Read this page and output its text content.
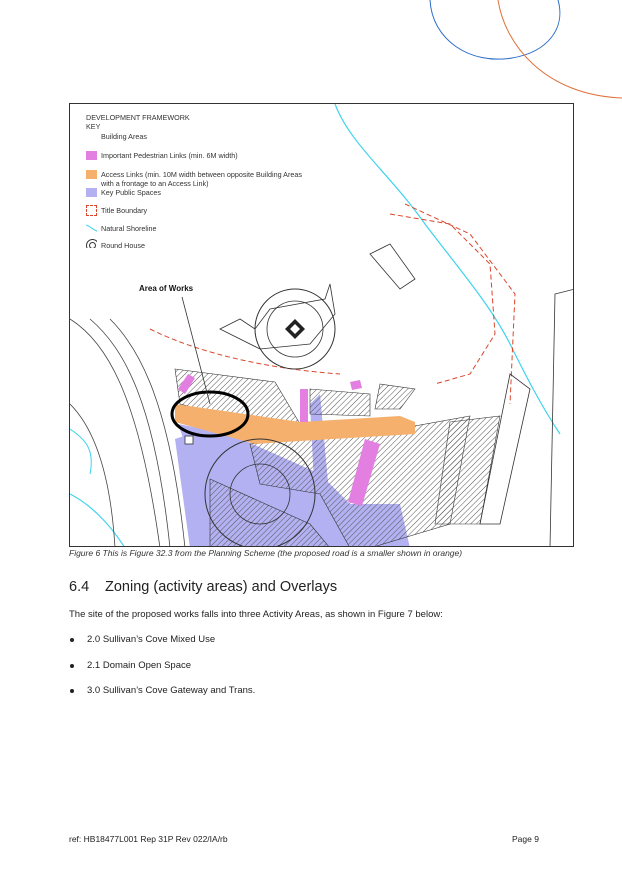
DEVELOPMENT FRAMEWORK
KEY
Building Areas
Important Pedestrian Links (min. 6M width)
Access Links (min. 10M width between opposite Building Areas
with a frontage to an Access Link)
Key Public Spaces
Title Boundary
Natural Shoreline
Round House
Area of Works
Figure 6 This is Figure 32.3 from the Planning Scheme (the proposed road is a smaller shown in orange)
6.4 Zoning (activity areas) and Overlays
The site of the proposed works falls into three Activity Areas, as shown in Figure 7 below:
2.0 Sullivan’s Cove Mixed Use
2.1 Domain Open Space
3.0 Sullivan’s Cove Gateway and Trans.
ref: HB18477L001 Rep 31P Rev 022/IA/rb	Page 9
